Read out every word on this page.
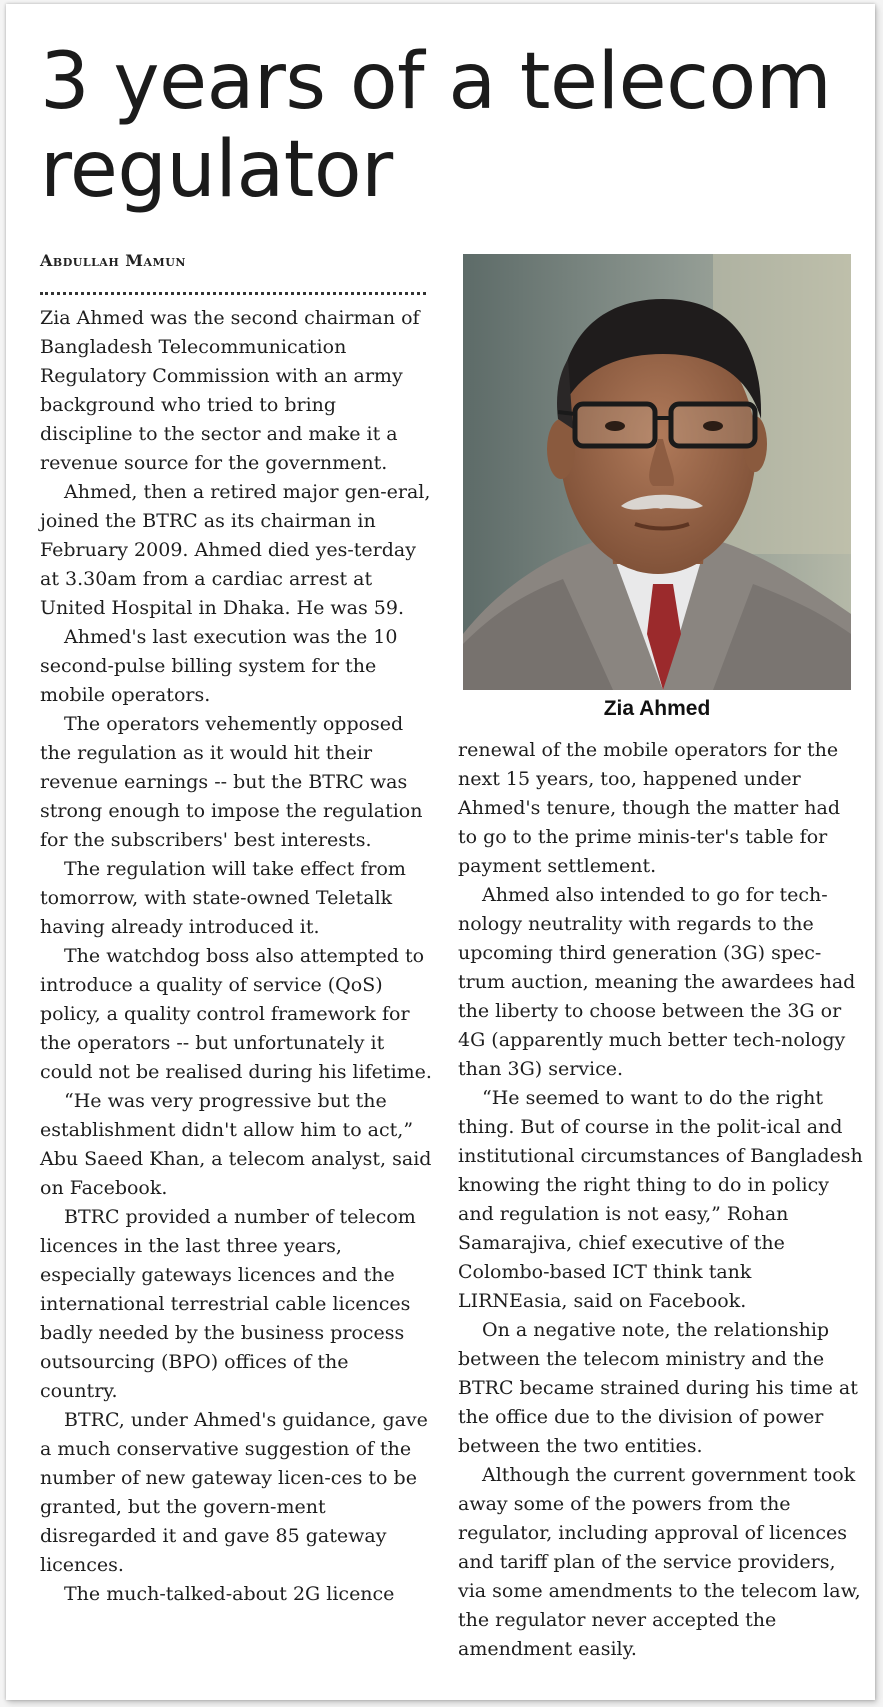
3 years of a telecom regulator
Abdullah Mamun

Zia Ahmed was the second chairman of Bangladesh Telecommunication Regulatory Commission with an army background who tried to bring discipline to the sector and make it a revenue source for the government.

Ahmed, then a retired major gen-eral, joined the BTRC as its chairman in February 2009. Ahmed died yes-terday at 3.30am from a cardiac arrest at United Hospital in Dhaka. He was 59.

Ahmed's last execution was the 10 second-pulse billing system for the mobile operators.

The operators vehemently opposed the regulation as it would hit their revenue earnings -- but the BTRC was strong enough to impose the regulation for the subscribers' best interests.

The regulation will take effect from tomorrow, with state-owned Teletalk having already introduced it.

The watchdog boss also attempted to introduce a quality of service (QoS) policy, a quality control framework for the operators -- but unfortunately it could not be realised during his lifetime.

“He was very progressive but the establishment didn't allow him to act,” Abu Saeed Khan, a telecom analyst, said on Facebook.

BTRC provided a number of telecom licences in the last three years, especially gateways licences and the international terrestrial cable licences badly needed by the business process outsourcing (BPO) offices of the country.

BTRC, under Ahmed's guidance, gave a much conservative suggestion of the number of new gateway licen-ces to be granted, but the govern-ment disregarded it and gave 85 gateway licences.

The much-talked-about 2G licence

Zia Ahmed

renewal of the mobile operators for the next 15 years, too, happened under Ahmed's tenure, though the matter had to go to the prime minis-ter's table for payment settlement.

Ahmed also intended to go for tech-nology neutrality with regards to the upcoming third generation (3G) spec-trum auction, meaning the awardees had the liberty to choose between the 3G or 4G (apparently much better tech-nology than 3G) service.

“He seemed to want to do the right thing. But of course in the polit-ical and institutional circumstances of Bangladesh knowing the right thing to do in policy and regulation is not easy,” Rohan Samarajiva, chief executive of the Colombo-based ICT think tank LIRNEasia, said on Facebook.

On a negative note, the relationship between the telecom ministry and the BTRC became strained during his time at the office due to the division of power between the two entities.

Although the current government took away some of the powers from the regulator, including approval of licences and tariff plan of the service providers, via some amendments to the telecom law, the regulator never accepted the amendment easily.
